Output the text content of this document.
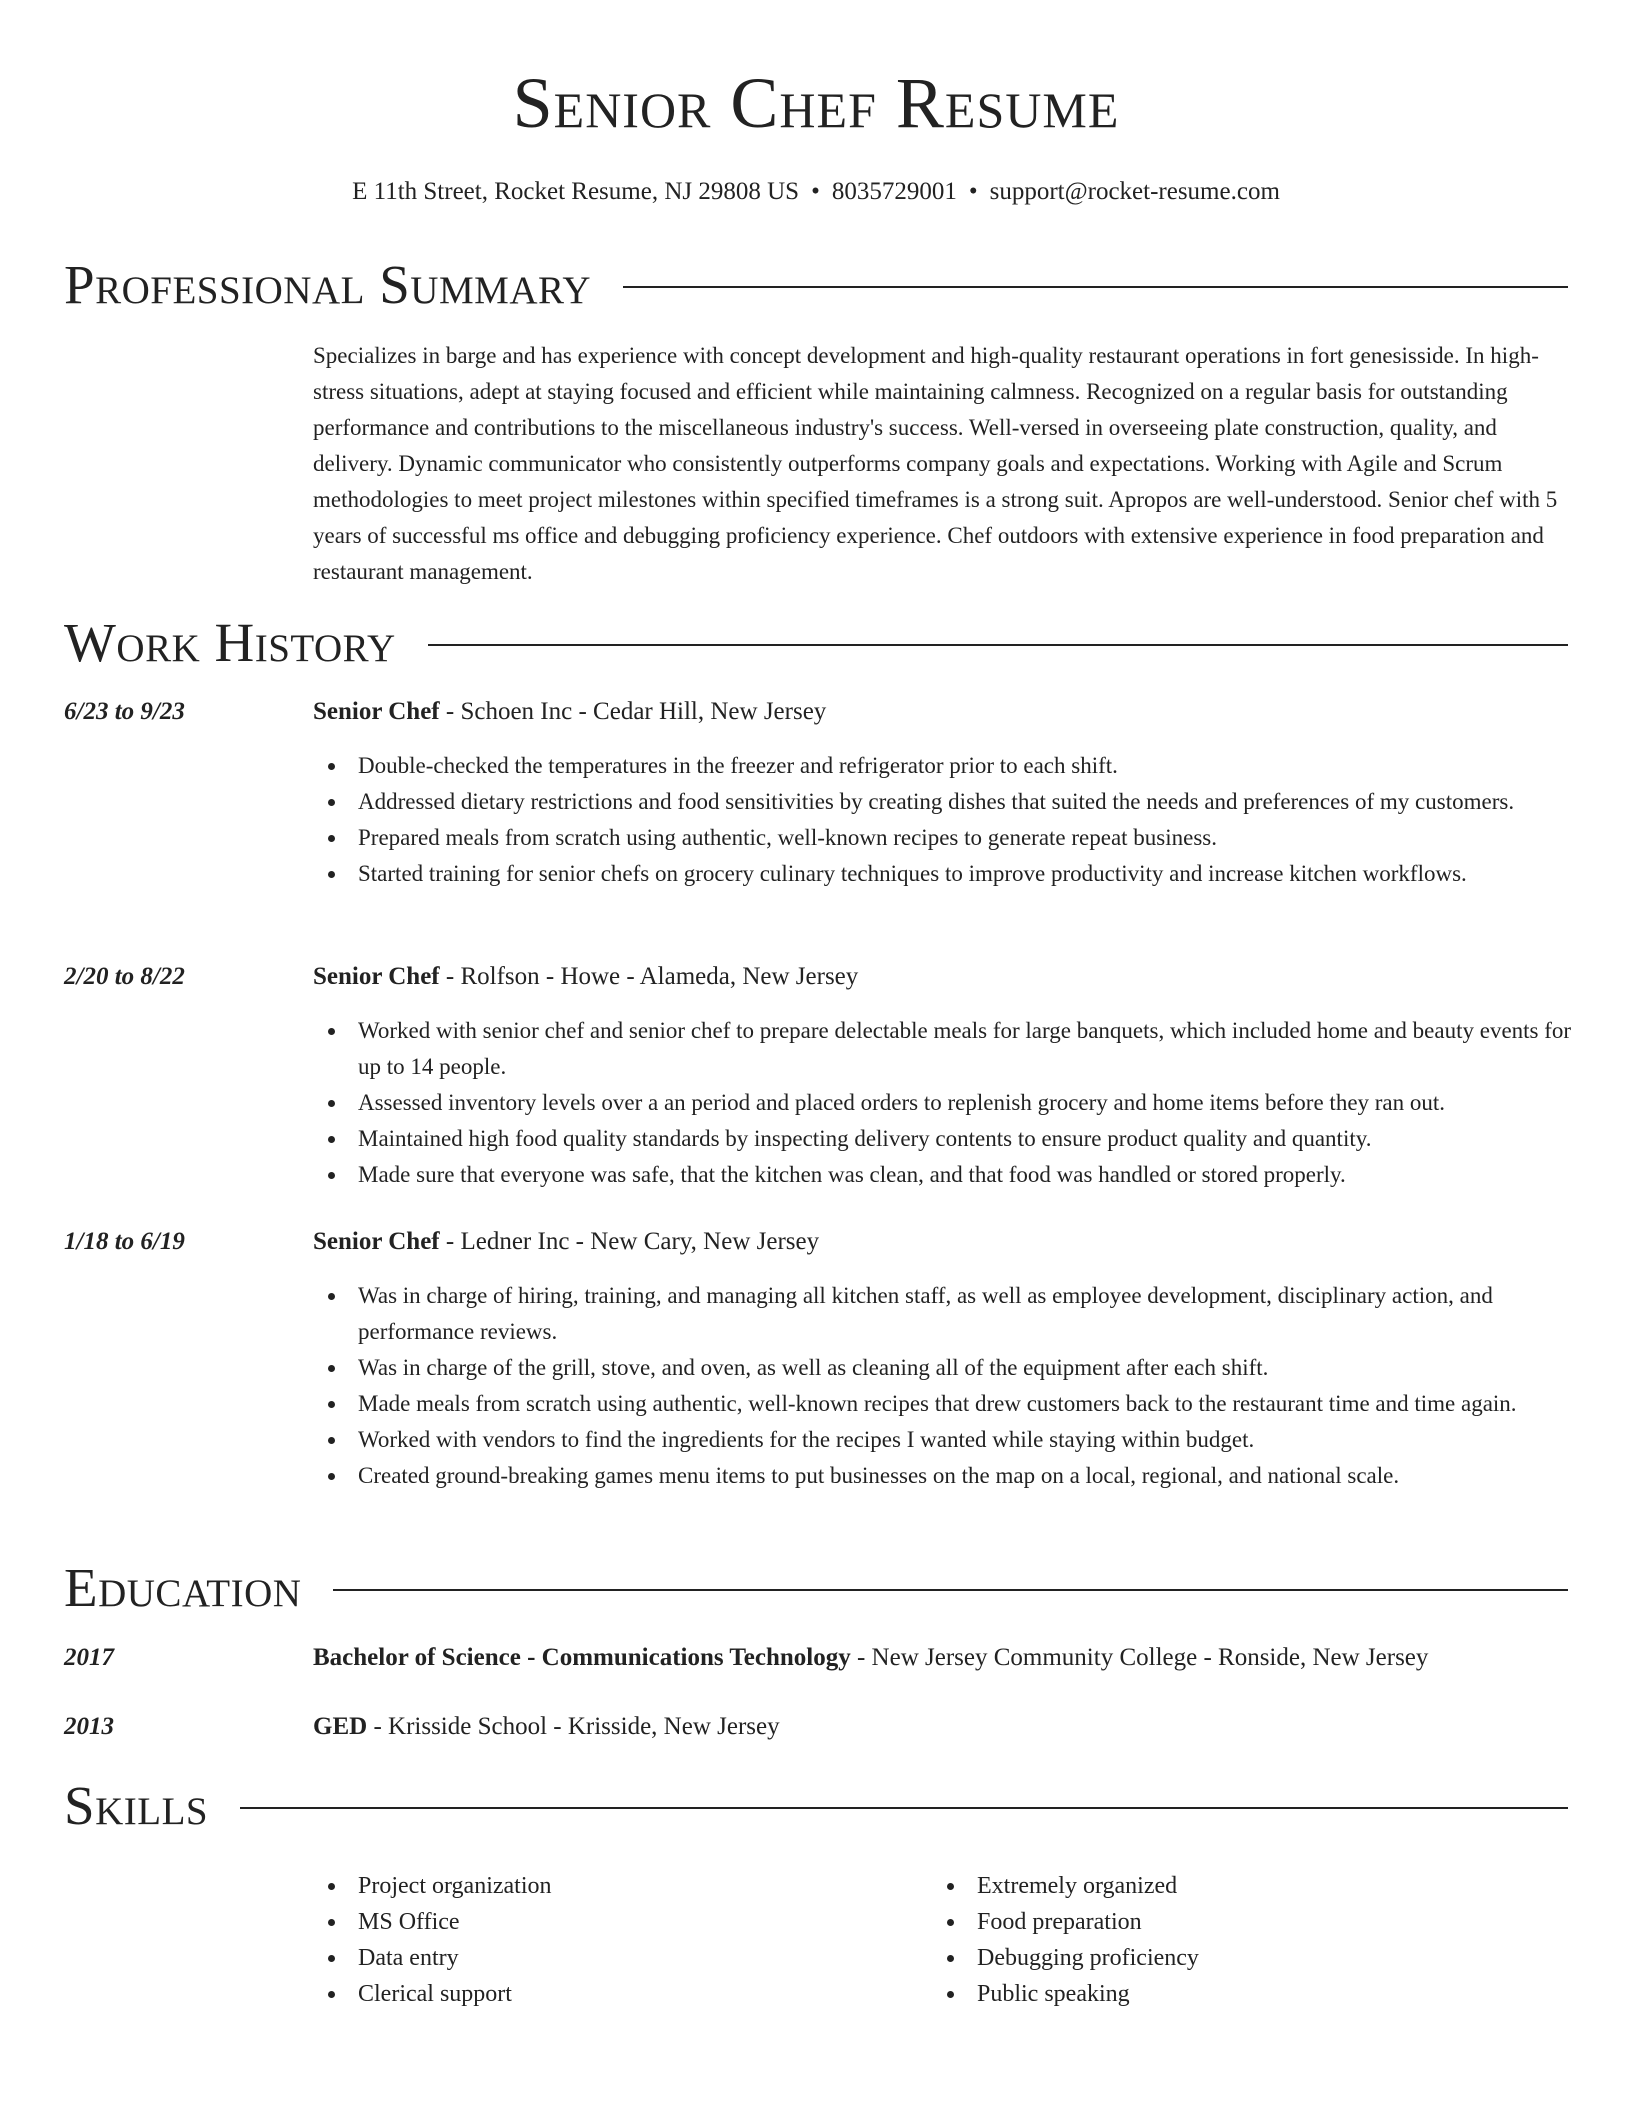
Senior Chef Resume
E 11th Street, Rocket Resume, NJ 29808 US • 8035729001 • support@rocket-resume.com
Professional Summary
Specializes in barge and has experience with concept development and high-quality restaurant operations in fort genesisside. In high-stress situations, adept at staying focused and efficient while maintaining calmness. Recognized on a regular basis for outstanding performance and contributions to the miscellaneous industry's success. Well-versed in overseeing plate construction, quality, and delivery. Dynamic communicator who consistently outperforms company goals and expectations. Working with Agile and Scrum methodologies to meet project milestones within specified timeframes is a strong suit. Apropos are well-understood. Senior chef with 5 years of successful ms office and debugging proficiency experience. Chef outdoors with extensive experience in food preparation and restaurant management.
Work History
6/23 to 9/23	Senior Chef - Schoen Inc - Cedar Hill, New Jersey
Double-checked the temperatures in the freezer and refrigerator prior to each shift.
Addressed dietary restrictions and food sensitivities by creating dishes that suited the needs and preferences of my customers.
Prepared meals from scratch using authentic, well-known recipes to generate repeat business.
Started training for senior chefs on grocery culinary techniques to improve productivity and increase kitchen workflows.
2/20 to 8/22	Senior Chef - Rolfson - Howe - Alameda, New Jersey
Worked with senior chef and senior chef to prepare delectable meals for large banquets, which included home and beauty events for up to 14 people.
Assessed inventory levels over a an period and placed orders to replenish grocery and home items before they ran out.
Maintained high food quality standards by inspecting delivery contents to ensure product quality and quantity.
Made sure that everyone was safe, that the kitchen was clean, and that food was handled or stored properly.
1/18 to 6/19	Senior Chef - Ledner Inc - New Cary, New Jersey
Was in charge of hiring, training, and managing all kitchen staff, as well as employee development, disciplinary action, and performance reviews.
Was in charge of the grill, stove, and oven, as well as cleaning all of the equipment after each shift.
Made meals from scratch using authentic, well-known recipes that drew customers back to the restaurant time and time again.
Worked with vendors to find the ingredients for the recipes I wanted while staying within budget.
Created ground-breaking games menu items to put businesses on the map on a local, regional, and national scale.
Education
2017	Bachelor of Science - Communications Technology - New Jersey Community College - Ronside, New Jersey
2013	GED - Krisside School - Krisside, New Jersey
Skills
Project organization
MS Office
Data entry
Clerical support
Extremely organized
Food preparation
Debugging proficiency
Public speaking
